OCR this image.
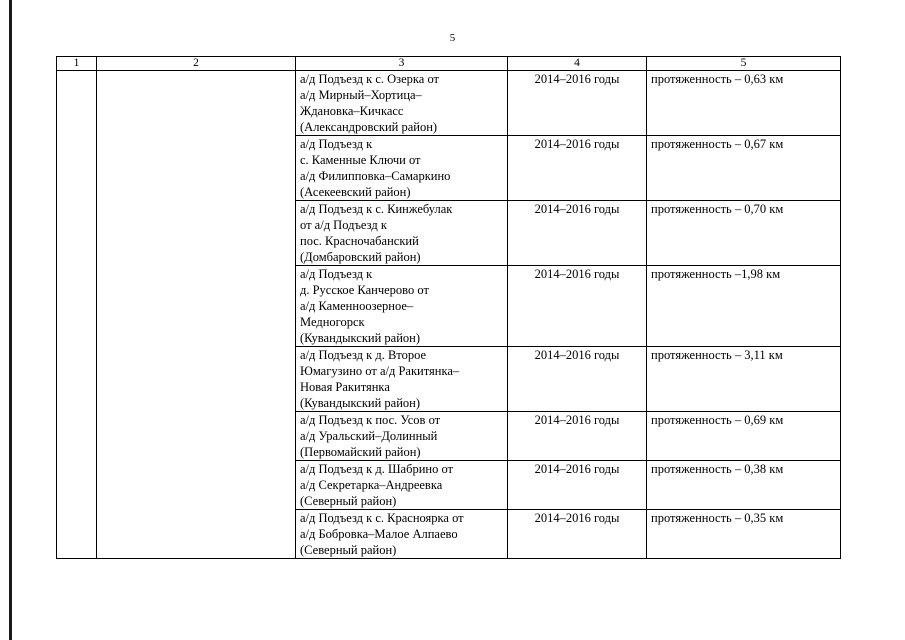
5
1	2	3	4	5
		а/д Подъезд к с. Озерка от
а/д Мирный–Хортица–
Ждановка–Кичкасс
(Александровский район)	2014–2016 годы	протяженность – 0,63 км
		а/д Подъезд к
с. Каменные Ключи от
а/д Филипповка–Самаркино
(Асекеевский район)	2014–2016 годы	протяженность – 0,67 км
		а/д Подъезд к с. Кинжебулак
от а/д Подъезд к
пос. Красночабанский
(Домбаровский район)	2014–2016 годы	протяженность – 0,70 км
		а/д Подъезд к
д. Русское Канчерово от
а/д Каменноозерное–
Медногорск
(Кувандыкский район)	2014–2016 годы	протяженность –1,98 км
		а/д Подъезд к д. Второе
Юмагузино от а/д Ракитянка–
Новая Ракитянка
(Кувандыкский район)	2014–2016 годы	протяженность – 3,11 км
		а/д Подъезд к пос. Усов от
а/д Уральский–Долинный
(Первомайский район)	2014–2016 годы	протяженность – 0,69 км
		а/д Подъезд к д. Шабрино от
а/д Секретарка–Андреевка
(Северный район)	2014–2016 годы	протяженность – 0,38 км
		а/д Подъезд к с. Красноярка от
а/д Бобровка–Малое Алпаево
(Северный район)	2014–2016 годы	протяженность – 0,35 км
